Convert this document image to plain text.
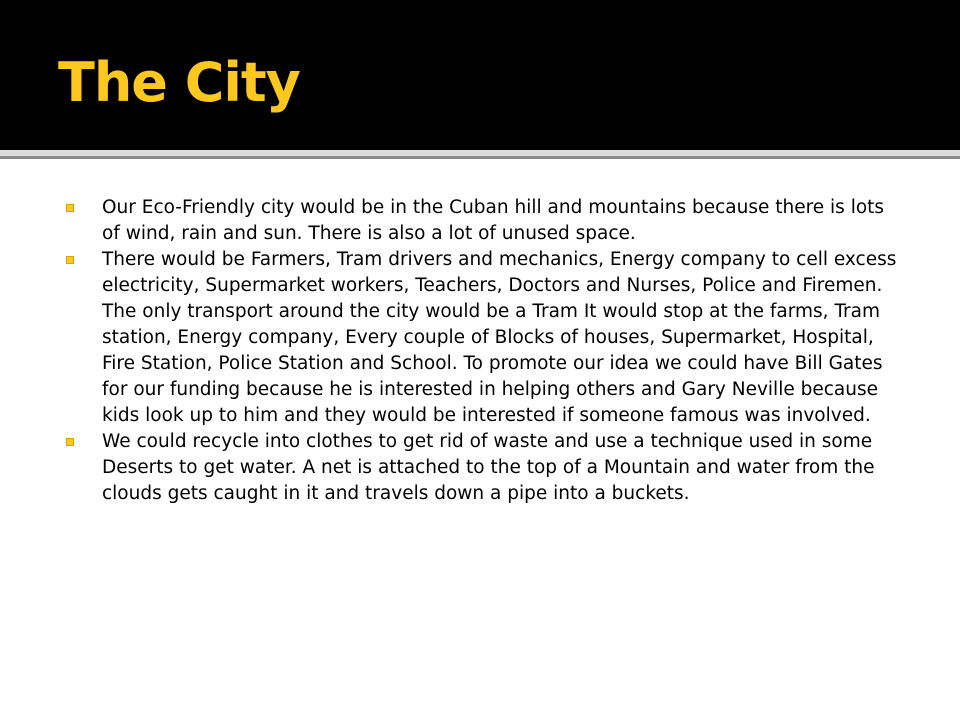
The City
Our Eco-Friendly city would be in the Cuban hill and mountains because there is lots of wind, rain and sun. There is also a lot of unused space.
There would be Farmers, Tram drivers and mechanics, Energy company to cell excess electricity, Supermarket workers, Teachers, Doctors and Nurses, Police and Firemen. The only transport around the city would be a Tram It would stop at the farms, Tram station, Energy company, Every couple of Blocks of houses, Supermarket, Hospital, Fire Station, Police Station and School. To promote our idea we could have Bill Gates for our funding because he is interested in helping others and Gary Neville because kids look up to him and they would be interested if someone famous was involved.
We could recycle into clothes to get rid of waste and use a technique used in some Deserts to get water. A net is attached to the top of a Mountain and water from the clouds gets caught in it and travels down a pipe into a buckets.
